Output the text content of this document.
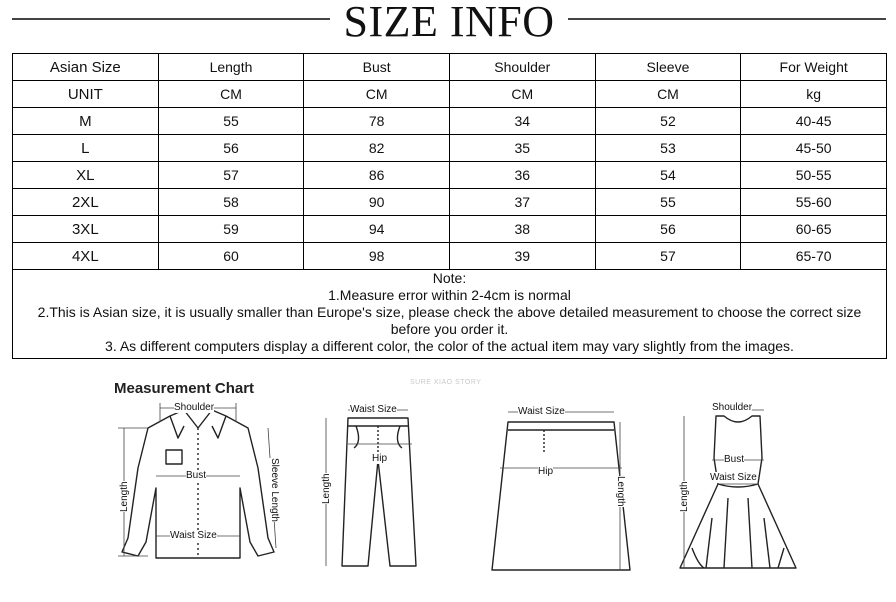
SIZE INFO
Asian Size	Length	Bust	Shoulder	Sleeve	For Weight
UNIT	CM	CM	CM	CM	kg
M	55	78	34	52	40-45
L	56	82	35	53	45-50
XL	57	86	36	54	50-55
2XL	58	90	37	55	55-60
3XL	59	94	38	56	60-65
4XL	60	98	39	57	65-70
Note:
1.Measure error within 2-4cm is normal
2.This is Asian size, it is usually smaller than Europe's size, please check the above detailed measurement to choose the correct size
before you order it.
3. As different computers display a different color, the color of the actual item may vary slightly from the images.
Measurement Chart	SURE XIAO STORY
Shoulder
Bust
Waist Size
Length	Sleeve Length
Waist Size
Hip
Length
Waist Size
Hip
Length
Shoulder
Bust
Waist Size
Length
